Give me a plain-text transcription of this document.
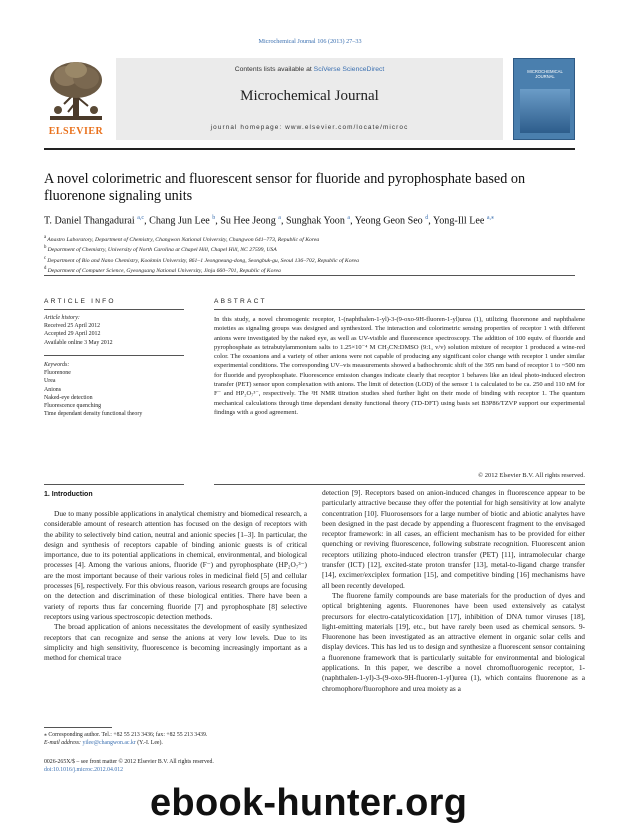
Microchemical Journal 106 (2013) 27–33
ELSEVIER
Contents lists available at SciVerse ScienceDirect
Microchemical Journal
journal homepage: www.elsevier.com/locate/microc
MICROCHEMICAL JOURNAL
A novel colorimetric and fluorescent sensor for fluoride and pyrophosphate based on fluorenone signaling units
T. Daniel Thangadurai $^{a,c}$, Chang Jun Lee $^b$, Su Hee Jeong $^a$, Sunghak Yoon $^a$, Yeong Geon Seo $^d$, Yong-Ill Lee $^{a,⁎}$
$^a$ Anastro Laboratory, Department of Chemistry, Changwon National University, Changwon 641–773, Republic of Korea
$^b$ Department of Chemistry, University of North Carolina at Chapel Hill, Chapel Hill, NC 27599, USA
$^c$ Department of Bio and Nano Chemistry, Kookmin University, 861–1 Jeongneung-dong, Seongbuk-gu, Seoul 136–702, Republic of Korea
$^d$ Department of Computer Science, Gyeongsang National University, Jinju 660–701, Republic of Korea
ARTICLE INFO
Article history:
Received 25 April 2012
Accepted 29 April 2012
Available online 3 May 2012
Keywords:
Fluorenone
Urea
Anions
Naked-eye detection
Fluorescence quenching
Time dependant density functional theory
ABSTRACT
In this study, a novel chromogenic receptor, 1-(naphthalen-1-yl)-3-(9-oxo-9H-fluoren-1-yl)urea (1), utilizing fluorenone and naphthalene moieties as signaling groups was designed and synthesized. The interaction and colorimetric sensing properties of receptor 1 with different anions were investigated by the naked eye, as well as UV-visible and fluorescence spectroscopy. The addition of 100 equiv. of fluoride and pyrophosphate as tetrabutylammonium salts to 1.25×10⁻⁴ M CH₃CN:DMSO (9:1, v/v) solution mixture of receptor 1 produced a wine-red color. The oxoanions and a variety of other anions were not capable of producing any significant color change with receptor 1 under similar experimental conditions. The corresponding UV–vis measurements showed a bathochromic shift of the 395 nm band of receptor 1 to ~500 nm for fluoride and pyrophosphate. Fluorescence emission changes indicate clearly that receptor 1 behaves like an ideal photo-induced electron transfer (PET) sensor upon complexation with anions. The limit of detection (LOD) of the sensor 1 is calculated to be ca. 250 and 110 nM for F⁻ and HP₂O₇³⁻, respectively. The ¹H NMR titration studies shed further light on their mode of binding with receptor 1. The quantum mechanical calculations through time dependant density functional theory (TD-DFT) using basis set B3P86/TZVP support our experimental findings with a good agreement.
© 2012 Elsevier B.V. All rights reserved.
1. Introduction

Due to many possible applications in analytical chemistry and biomedical research, a considerable amount of research attention has focused on the design of receptors with the ability to selectively bind cation, neutral and anionic species [1–3]. In particular, the design and synthesis of receptors capable of binding anionic guests is of critical importance, due to its potential applications in chemical, environmental, and biological processes [4]. Among the various anions, fluoride (F⁻) and pyrophosphate (HP₂O₇³⁻) are the most important because of their various roles in medicinal field [5] and cellular processes [6], respectively. For this obvious reason, various research groups are focusing on the detection and discrimination of these biological entities. There have been a variety of reports thus far concerning fluoride [7] and pyrophosphate [8] selective receptors using various spectroscopic detection methods.

The broad application of anions necessitates the development of easily synthesized receptors that can recognize and sense the anions at very low levels. Due to its simplicity and high sensitivity, fluorescence is becoming increasingly important as a method for chemical trace

detection [9]. Receptors based on anion-induced changes in fluorescence appear to be particularly attractive because they offer the potential for high sensitivity at low analyte concentration [10]. Fluorosensors for a large number of biotic and abiotic analytes have been designed in the past decade by appending a fluorescent fragment to the envisaged receptor framework: in all cases, an efficient mechanism has to be provided for either quenching or reviving fluorescence, following substrate recognition. Fluorescent anion receptors utilizing photo-induced electron transfer (PET) [11], intramolecular charge transfer (ICT) [12], excited-state proton transfer [13], metal-to-ligand charge transfer [14], excimer/exciplex formation [15], and competitive binding [16] mechanisms have all been recently developed.

The fluorene family compounds are base materials for the production of dyes and optical brightening agents. Fluorenones have been used extensively as catalyst precursors for electro-catalyticoxidation [17], inhibition of DNA tumor viruses [18], light-emitting materials [19], etc., but have rarely been used as chemical sensors. 9-Fluorenone has been investigated as an attractive element in organic solar cells and display devices. This has led us to design and synthesize a fluorescent sensor containing a fluorenone framework that is particularly suitable for environmental and biological applications. In this paper, we describe a novel chromofluorogenic receptor, 1-(naphthalen-1-yl)-3-(9-oxo-9H-fluoren-1-yl)urea (1), which contains fluorenone as a chromophore/fluorophore and urea moiety as a

⁎ Corresponding author. Tel.: +82 55 213 3436; fax: +82 55 213 3439.
E-mail address: yilee@changwon.ac.kr (Y.-I. Lee).
0026-265X/$ – see front matter © 2012 Elsevier B.V. All rights reserved.
doi:10.1016/j.microc.2012.04.012
ebook-hunter.org
